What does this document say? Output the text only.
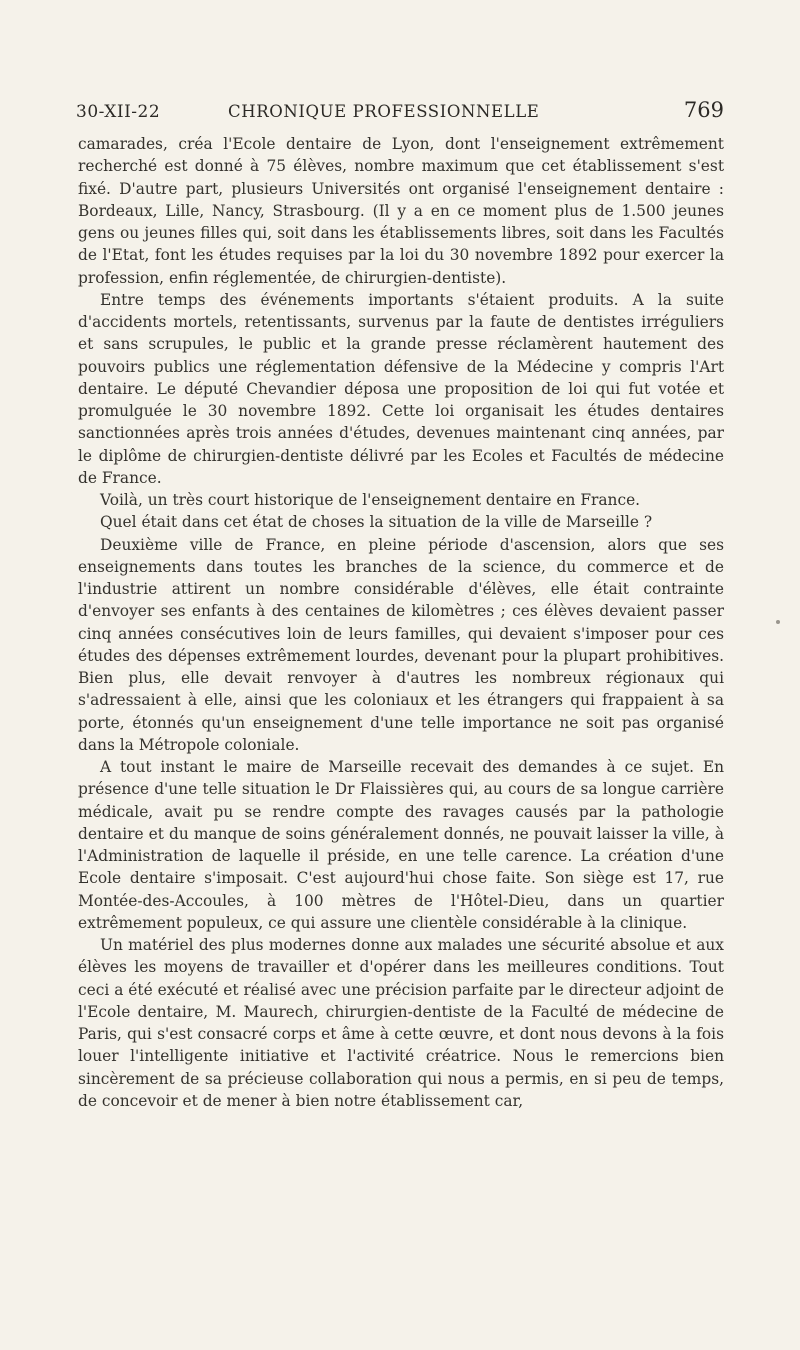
30-XII-22	CHRONIQUE PROFESSIONNELLE	769

camarades, créa l'Ecole dentaire de Lyon, dont l'enseignement extrêmement recherché est donné à 75 élèves, nombre maximum que cet établissement s'est fixé. D'autre part, plusieurs Universités ont organisé l'enseignement dentaire : Bordeaux, Lille, Nancy, Strasbourg. (Il y a en ce moment plus de 1.500 jeunes gens ou jeunes filles qui, soit dans les établissements libres, soit dans les Facultés de l'Etat, font les études requises par la loi du 30 novembre 1892 pour exercer la profession, enfin réglementée, de chirurgien-dentiste).

Entre temps des événements importants s'étaient produits. A la suite d'accidents mortels, retentissants, survenus par la faute de dentistes irréguliers et sans scrupules, le public et la grande presse réclamèrent hautement des pouvoirs publics une réglementation défensive de la Médecine y compris l'Art dentaire. Le député Chevandier déposa une proposition de loi qui fut votée et promulguée le 30 novembre 1892. Cette loi organisait les études dentaires sanctionnées après trois années d'études, devenues maintenant cinq années, par le diplôme de chirurgien-dentiste délivré par les Ecoles et Facultés de médecine de France.

Voilà, un très court historique de l'enseignement dentaire en France.

Quel était dans cet état de choses la situation de la ville de Marseille ?

Deuxième ville de France, en pleine période d'ascension, alors que ses enseignements dans toutes les branches de la science, du commerce et de l'industrie attirent un nombre considérable d'élèves, elle était contrainte d'envoyer ses enfants à des centaines de kilomètres ; ces élèves devaient passer cinq années consécutives loin de leurs familles, qui devaient s'imposer pour ces études des dépenses extrêmement lourdes, devenant pour la plupart prohibitives. Bien plus, elle devait renvoyer à d'autres les nombreux régionaux qui s'adressaient à elle, ainsi que les coloniaux et les étrangers qui frappaient à sa porte, étonnés qu'un enseignement d'une telle importance ne soit pas organisé dans la Métropole coloniale.

A tout instant le maire de Marseille recevait des demandes à ce sujet. En présence d'une telle situation le Dr Flaissières qui, au cours de sa longue carrière médicale, avait pu se rendre compte des ravages causés par la pathologie dentaire et du manque de soins généralement donnés, ne pouvait laisser la ville, à l'Administration de laquelle il préside, en une telle carence. La création d'une Ecole dentaire s'imposait. C'est aujourd'hui chose faite. Son siège est 17, rue Montée-des-Accoules, à 100 mètres de l'Hôtel-Dieu, dans un quartier extrêmement populeux, ce qui assure une clientèle considérable à la clinique.

Un matériel des plus modernes donne aux malades une sécurité absolue et aux élèves les moyens de travailler et d'opérer dans les meilleures conditions. Tout ceci a été exécuté et réalisé avec une précision parfaite par le directeur adjoint de l'Ecole dentaire, M. Maurech, chirurgien-dentiste de la Faculté de médecine de Paris, qui s'est consacré corps et âme à cette œuvre, et dont nous devons à la fois louer l'intelligente initiative et l'activité créatrice. Nous le remercions bien sincèrement de sa précieuse collaboration qui nous a permis, en si peu de temps, de concevoir et de mener à bien notre établissement car,
